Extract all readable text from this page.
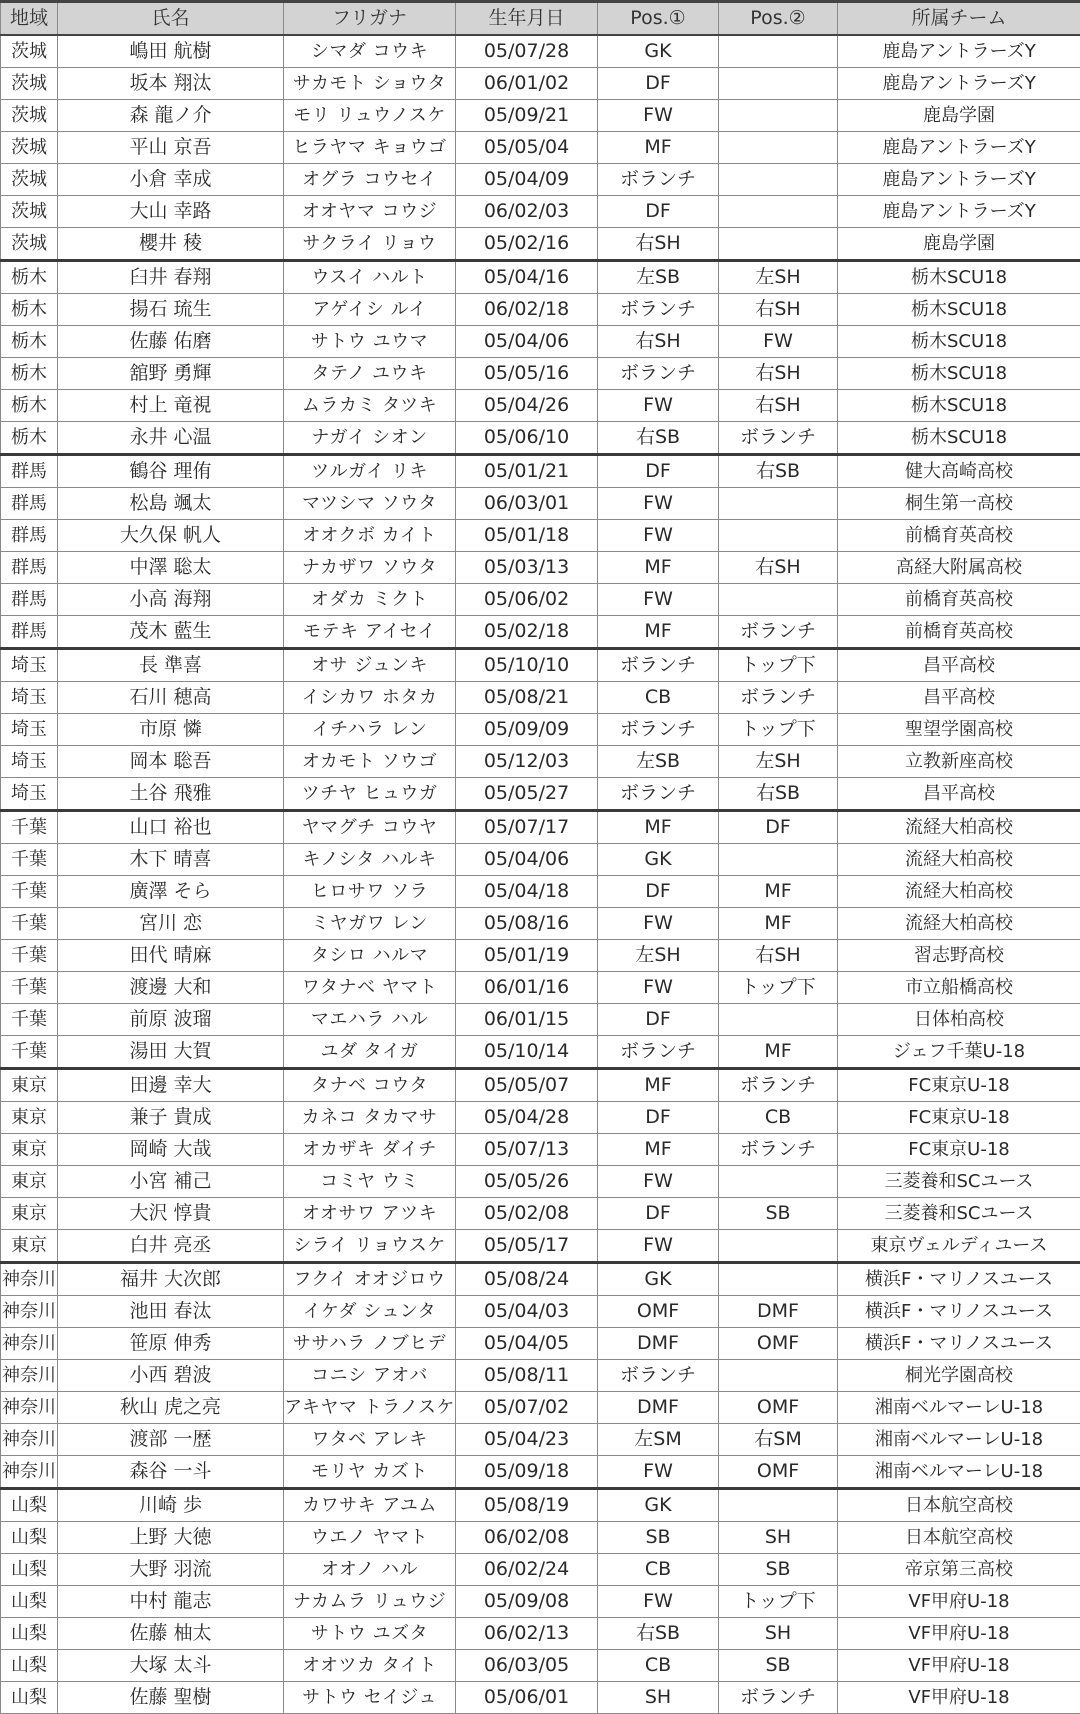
地域	氏名	フリガナ	生年月日	Pos.①	Pos.②	所属チーム
茨城	嶋田 航樹	シマダ コウキ	05/07/28	GK		鹿島アントラーズY
茨城	坂本 翔汰	サカモト ショウタ	06/01/02	DF		鹿島アントラーズY
茨城	森 龍ノ介	モリ リュウノスケ	05/09/21	FW		鹿島学園
茨城	平山 京吾	ヒラヤマ キョウゴ	05/05/04	MF		鹿島アントラーズY
茨城	小倉 幸成	オグラ コウセイ	05/04/09	ボランチ		鹿島アントラーズY
茨城	大山 幸路	オオヤマ コウジ	06/02/03	DF		鹿島アントラーズY
茨城	櫻井 稜	サクライ リョウ	05/02/16	右SH		鹿島学園
栃木	臼井 春翔	ウスイ ハルト	05/04/16	左SB	左SH	栃木SCU18
栃木	揚石 琉生	アゲイシ ルイ	06/02/18	ボランチ	右SH	栃木SCU18
栃木	佐藤 佑磨	サトウ ユウマ	05/04/06	右SH	FW	栃木SCU18
栃木	舘野 勇輝	タテノ ユウキ	05/05/16	ボランチ	右SH	栃木SCU18
栃木	村上 竜視	ムラカミ タツキ	05/04/26	FW	右SH	栃木SCU18
栃木	永井 心温	ナガイ シオン	05/06/10	右SB	ボランチ	栃木SCU18
群馬	鶴谷 理侑	ツルガイ リキ	05/01/21	DF	右SB	健大高崎高校
群馬	松島 颯太	マツシマ ソウタ	06/03/01	FW		桐生第一高校
群馬	大久保 帆人	オオクボ カイト	05/01/18	FW		前橋育英高校
群馬	中澤 聡太	ナカザワ ソウタ	05/03/13	MF	右SH	高経大附属高校
群馬	小高 海翔	オダカ ミクト	05/06/02	FW		前橋育英高校
群馬	茂木 藍生	モテキ アイセイ	05/02/18	MF	ボランチ	前橋育英高校
埼玉	長 準喜	オサ ジュンキ	05/10/10	ボランチ	トップ下	昌平高校
埼玉	石川 穂高	イシカワ ホタカ	05/08/21	CB	ボランチ	昌平高校
埼玉	市原 憐	イチハラ レン	05/09/09	ボランチ	トップ下	聖望学園高校
埼玉	岡本 聡吾	オカモト ソウゴ	05/12/03	左SB	左SH	立教新座高校
埼玉	土谷 飛雅	ツチヤ ヒュウガ	05/05/27	ボランチ	右SB	昌平高校
千葉	山口 裕也	ヤマグチ コウヤ	05/07/17	MF	DF	流経大柏高校
千葉	木下 晴喜	キノシタ ハルキ	05/04/06	GK		流経大柏高校
千葉	廣澤 そら	ヒロサワ ソラ	05/04/18	DF	MF	流経大柏高校
千葉	宮川 恋	ミヤガワ レン	05/08/16	FW	MF	流経大柏高校
千葉	田代 晴麻	タシロ ハルマ	05/01/19	左SH	右SH	習志野高校
千葉	渡邊 大和	ワタナベ ヤマト	06/01/16	FW	トップ下	市立船橋高校
千葉	前原 波瑠	マエハラ ハル	06/01/15	DF		日体柏高校
千葉	湯田 大賀	ユダ タイガ	05/10/14	ボランチ	MF	ジェフ千葉U-18
東京	田邊 幸大	タナベ コウタ	05/05/07	MF	ボランチ	FC東京U-18
東京	兼子 貴成	カネコ タカマサ	05/04/28	DF	CB	FC東京U-18
東京	岡崎 大哉	オカザキ ダイチ	05/07/13	MF	ボランチ	FC東京U-18
東京	小宮 補己	コミヤ ウミ	05/05/26	FW		三菱養和SCユース
東京	大沢 惇貴	オオサワ アツキ	05/02/08	DF	SB	三菱養和SCユース
東京	白井 亮丞	シライ リョウスケ	05/05/17	FW		東京ヴェルディユース
神奈川	福井 大次郎	フクイ オオジロウ	05/08/24	GK		横浜F・マリノスユース
神奈川	池田 春汰	イケダ シュンタ	05/04/03	OMF	DMF	横浜F・マリノスユース
神奈川	笹原 伸秀	ササハラ ノブヒデ	05/04/05	DMF	OMF	横浜F・マリノスユース
神奈川	小西 碧波	コニシ アオバ	05/08/11	ボランチ		桐光学園高校
神奈川	秋山 虎之亮	アキヤマ トラノスケ	05/07/02	DMF	OMF	湘南ベルマーレU-18
神奈川	渡部 一歴	ワタベ アレキ	05/04/23	左SM	右SM	湘南ベルマーレU-18
神奈川	森谷 一斗	モリヤ カズト	05/09/18	FW	OMF	湘南ベルマーレU-18
山梨	川崎 歩	カワサキ アユム	05/08/19	GK		日本航空高校
山梨	上野 大徳	ウエノ ヤマト	06/02/08	SB	SH	日本航空高校
山梨	大野 羽流	オオノ ハル	06/02/24	CB	SB	帝京第三高校
山梨	中村 龍志	ナカムラ リュウジ	05/09/08	FW	トップ下	VF甲府U-18
山梨	佐藤 柚太	サトウ ユズタ	06/02/13	右SB	SH	VF甲府U-18
山梨	大塚 太斗	オオツカ タイト	06/03/05	CB	SB	VF甲府U-18
山梨	佐藤 聖樹	サトウ セイジュ	05/06/01	SH	ボランチ	VF甲府U-18
